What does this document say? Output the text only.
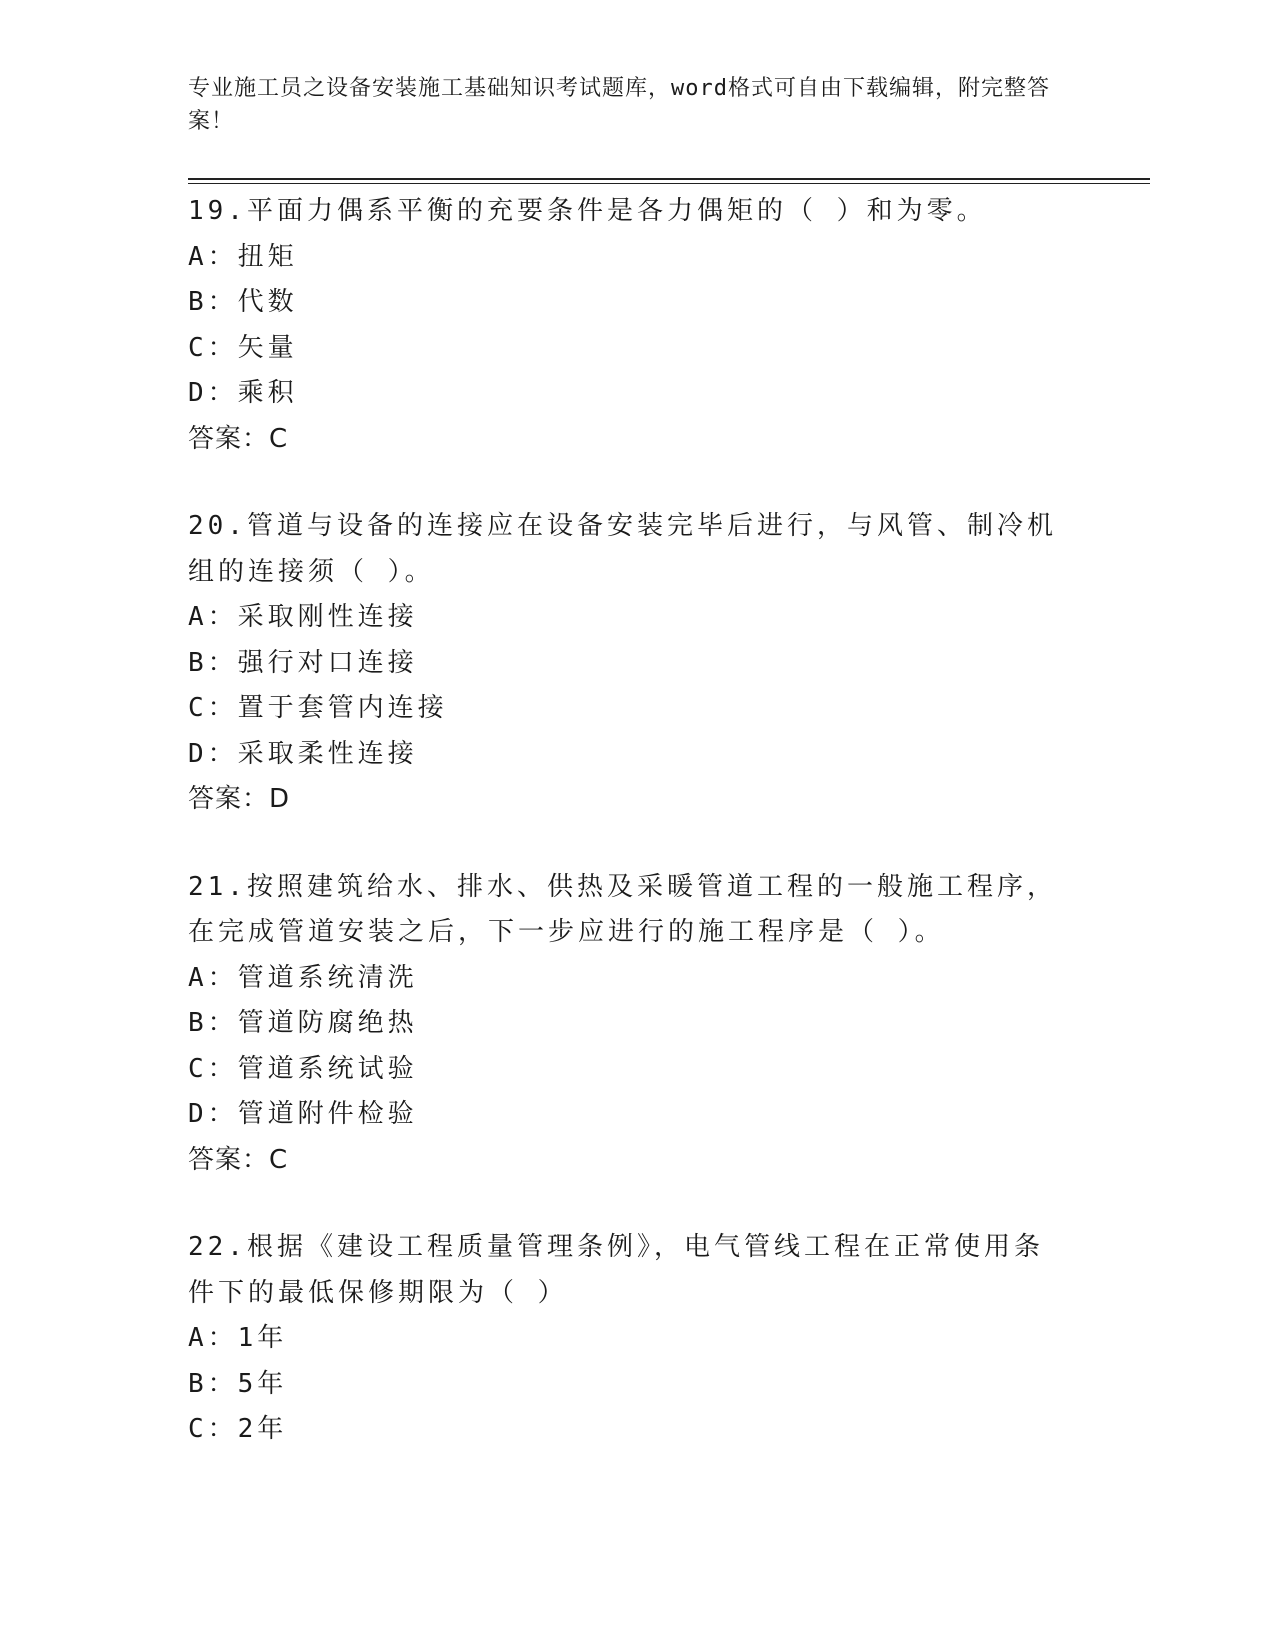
专业施工员之设备安装施工基础知识考试题库，word格式可自由下载编辑，附完整答案！
19.平面力偶系平衡的充要条件是各力偶矩的（ ）和为零。
A：扭矩
B：代数
C：矢量
D：乘积
答案：C
20.管道与设备的连接应在设备安装完毕后进行，与风管、制冷机组的连接须（ ）。
A：采取刚性连接
B：强行对口连接
C：置于套管内连接
D：采取柔性连接
答案：D
21.按照建筑给水、排水、供热及采暖管道工程的一般施工程序，在完成管道安装之后，下一步应进行的施工程序是（ ）。
A：管道系统清洗
B：管道防腐绝热
C：管道系统试验
D：管道附件检验
答案：C
22.根据《建设工程质量管理条例》，电气管线工程在正常使用条件下的最低保修期限为（ ）
A：1年
B：5年
C：2年
